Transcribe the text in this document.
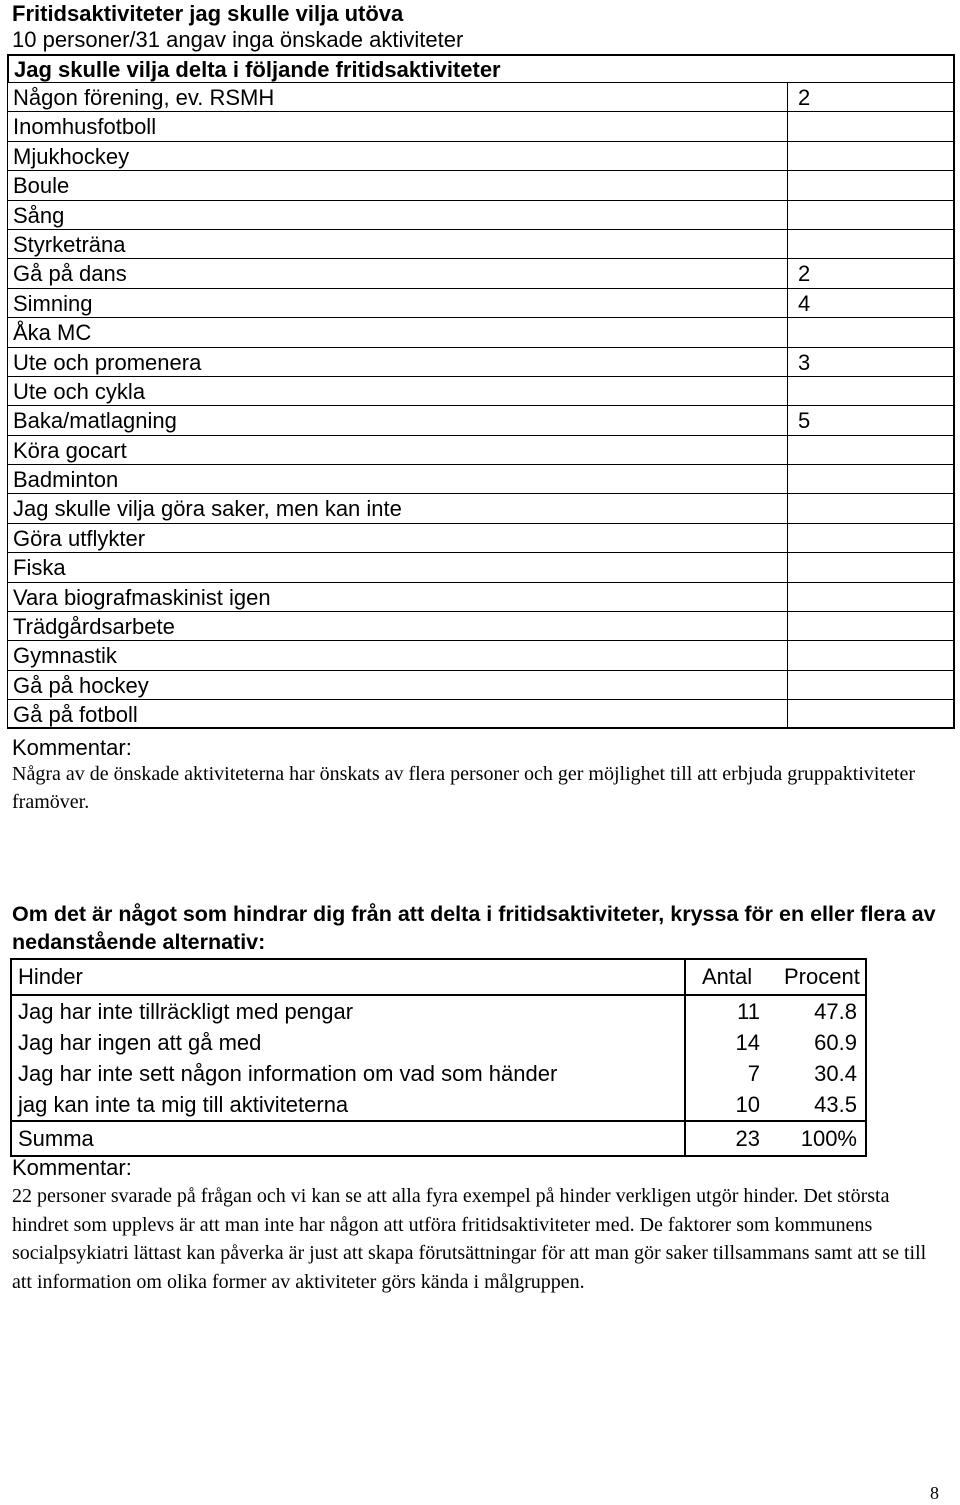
Fritidsaktiviteter jag skulle vilja utöva
10 personer/31 angav inga önskade aktiviteter
Jag skulle vilja delta i följande fritidsaktiviteter
Någon förening, ev. RSMH	2
Inomhusfotboll
Mjukhockey
Boule
Sång
Styrketräna
Gå på dans	2
Simning	4
Åka MC
Ute och promenera	3
Ute och cykla
Baka/matlagning	5
Köra gocart
Badminton
Jag skulle vilja göra saker, men kan inte
Göra utflykter
Fiska
Vara biografmaskinist igen
Trädgårdsarbete
Gymnastik
Gå på hockey
Gå på fotboll
Kommentar:
Några av de önskade aktiviteterna har önskats av flera personer och ger möjlighet till att erbjuda gruppaktiviteter framöver.
Om det är något som hindrar dig från att delta i fritidsaktiviteter, kryssa för en eller flera av nedanstående alternativ:
Hinder	Antal	Procent
Jag har inte tillräckligt med pengar	11	47.8
Jag har ingen att gå med	14	60.9
Jag har inte sett någon information om vad som händer	7	30.4
jag kan inte ta mig till aktiviteterna	10	43.5
Summa	23	100%
Kommentar:
22 personer svarade på frågan och vi kan se att alla fyra exempel på hinder verkligen utgör hinder. Det största hindret som upplevs är att man inte har någon att utföra fritidsaktiviteter med. De faktorer som kommunens socialpsykiatri lättast kan påverka är just att skapa förutsättningar för att man gör saker tillsammans samt att se till att information om olika former av aktiviteter görs kända i målgruppen.
8
